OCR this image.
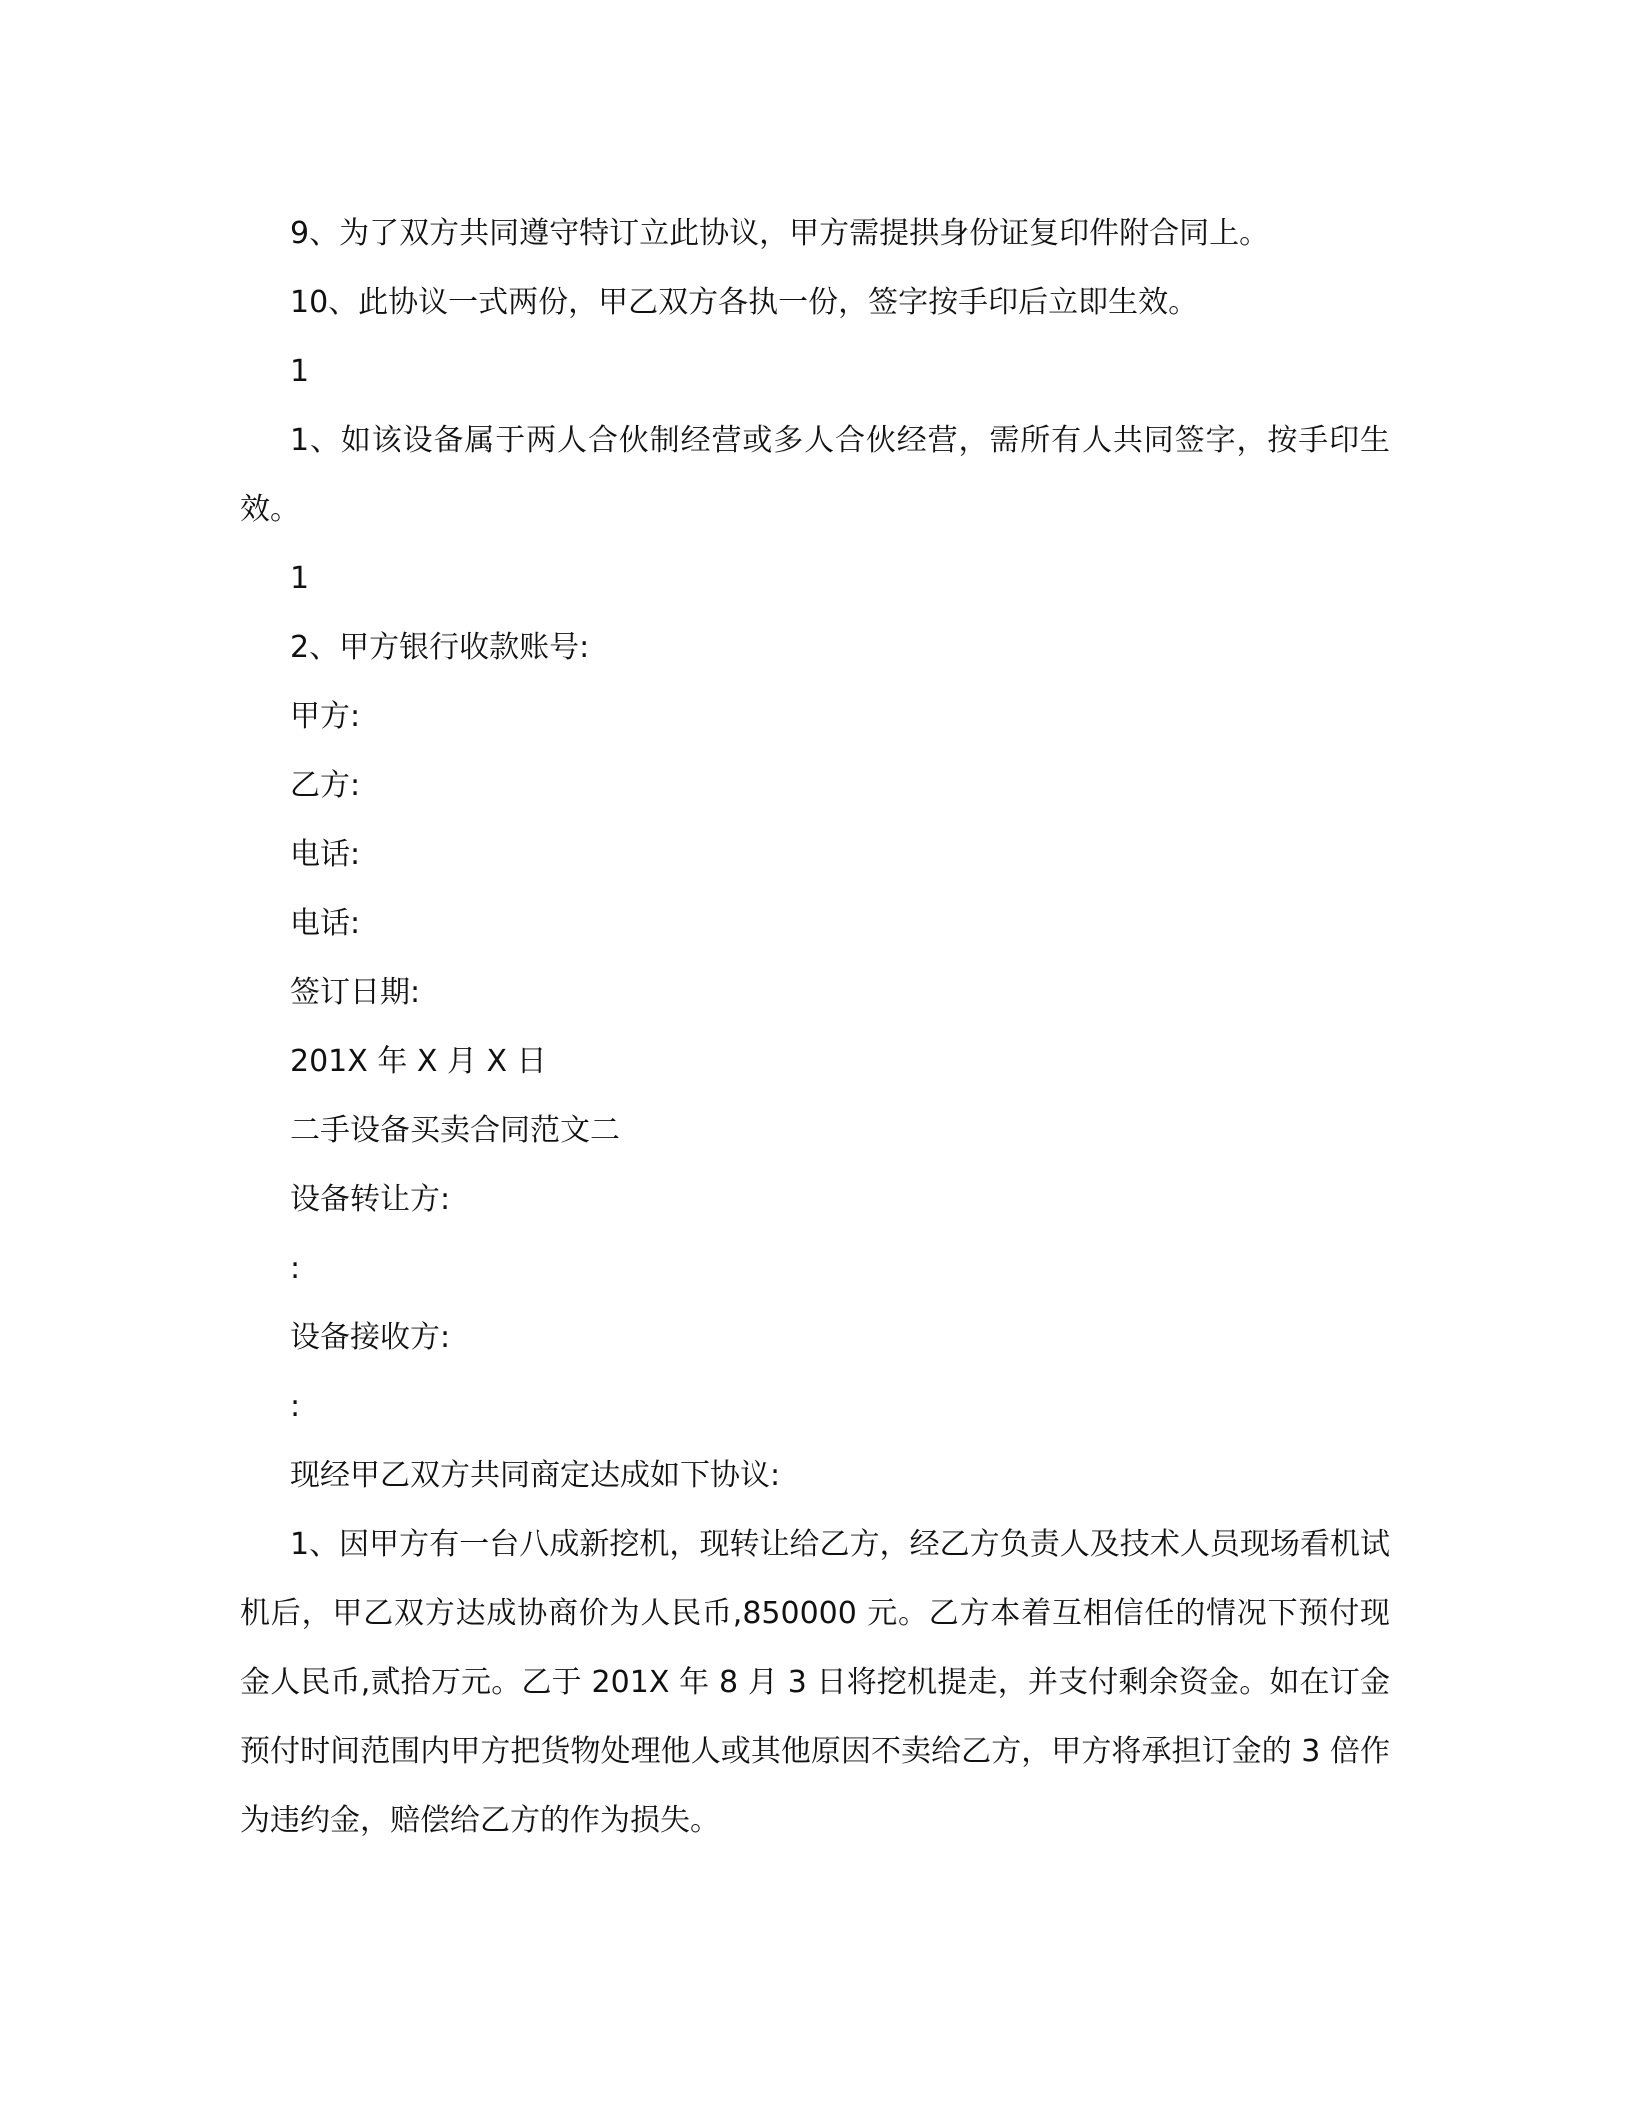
9、为了双方共同遵守特订立此协议，甲方需提拱身份证复印件附合同上。

10、此协议一式两份，甲乙双方各执一份，签字按手印后立即生效。

1

1、如该设备属于两人合伙制经营或多人合伙经营，需所有人共同签字，按手印生效。

1

2、甲方银行收款账号:

甲方:

乙方:

电话:

电话:

签订日期:

201X 年 X 月 X 日

二手设备买卖合同范文二

设备转让方:

:

设备接收方:

:

现经甲乙双方共同商定达成如下协议:

1、因甲方有一台八成新挖机，现转让给乙方，经乙方负责人及技术人员现场看机试机后，甲乙双方达成协商价为人民币,850000 元。乙方本着互相信任的情况下预付现金人民币,贰拾万元。乙于 201X 年 8 月 3 日将挖机提走，并支付剩余资金。如在订金预付时间范围内甲方把货物处理他人或其他原因不卖给乙方，甲方将承担订金的 3 倍作为违约金，赔偿给乙方的作为损失。
